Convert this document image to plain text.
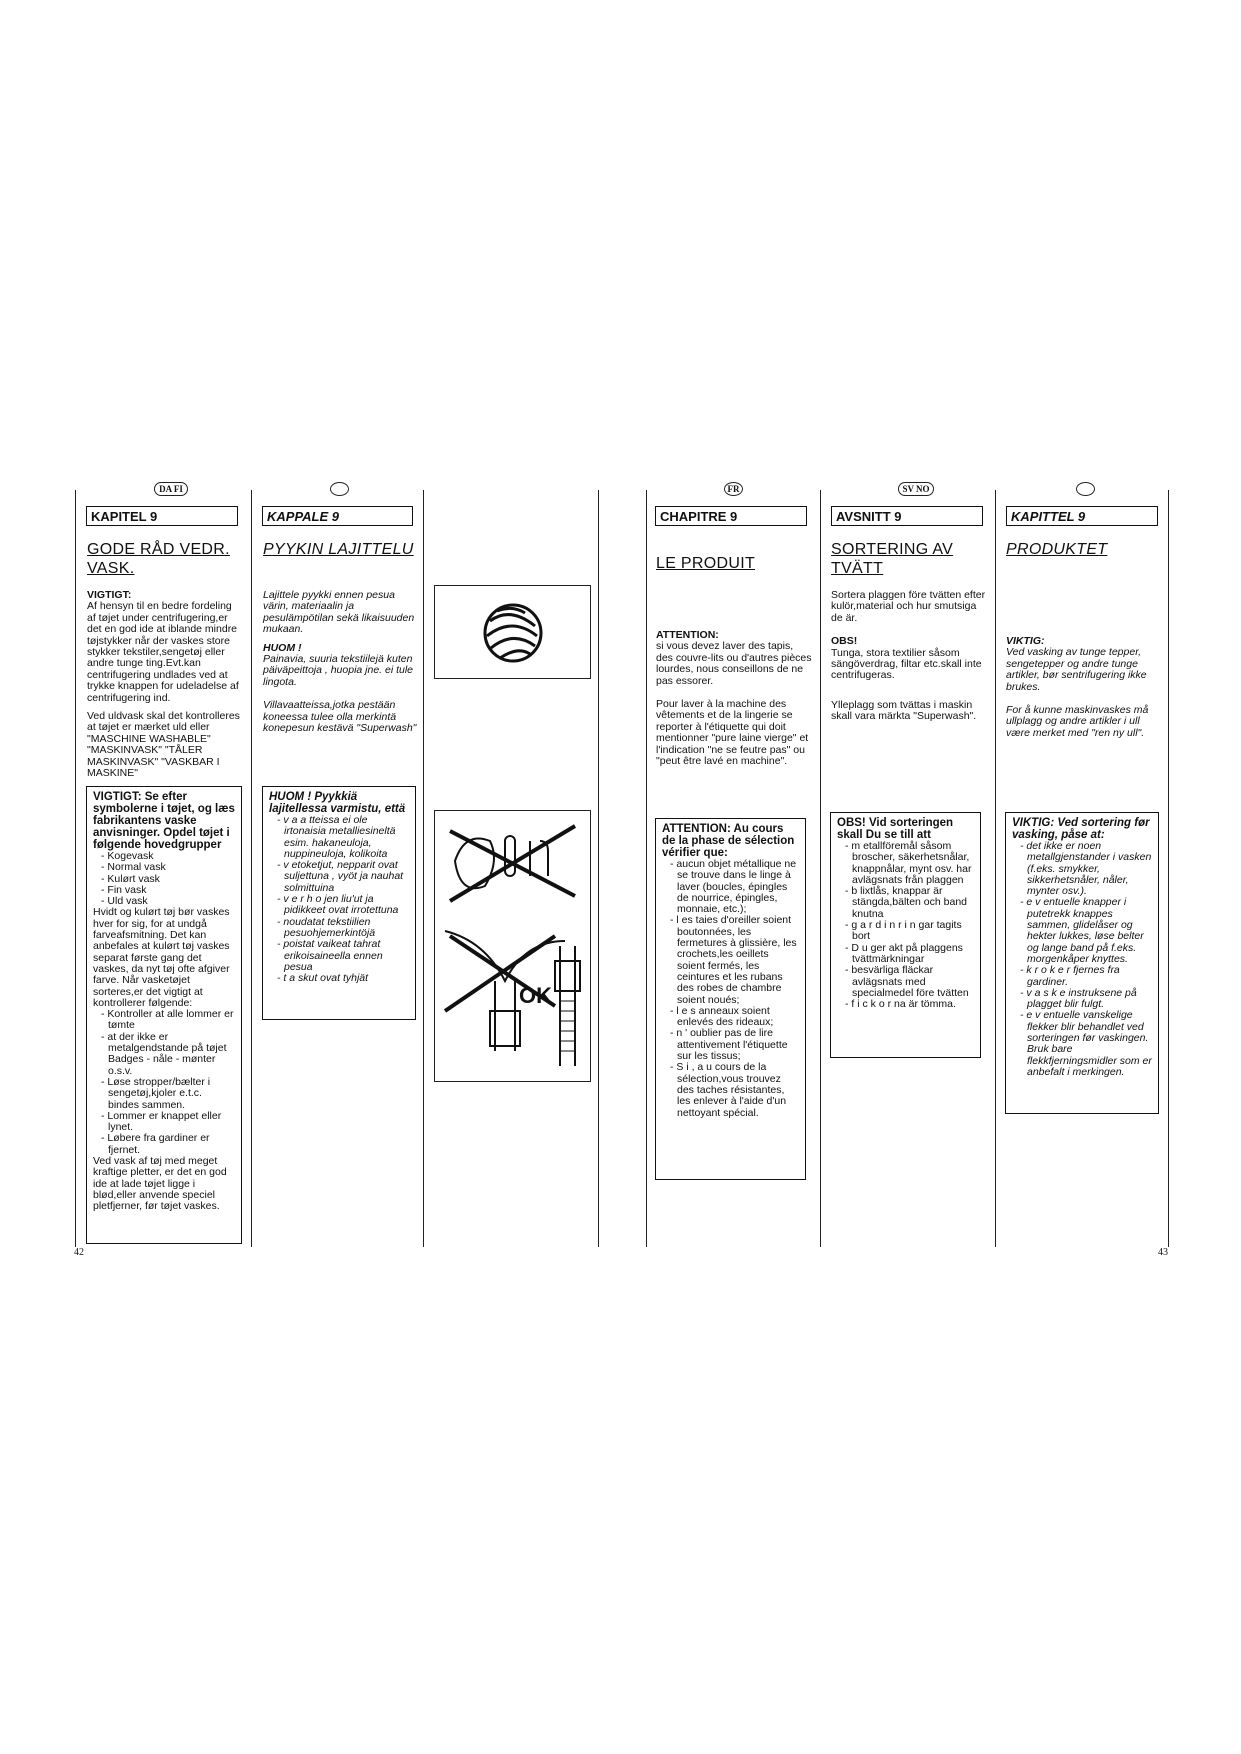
DA FI	FR	SV NO
KAPITEL 9
GODE RÅD VEDR. VASK.
VIGTIGT:

Af hensyn til en bedre fordeling af tøjet under centrifugering,er det en god ide at iblande mindre tøjstykker når der vaskes store stykker tekstiler,sengetøj eller andre tunge ting.Evt.kan centrifugering undlades ved at trykke knappen for udeladelse af centrifugering ind.

Ved uldvask skal det kontrolleres at tøjet er mærket uld eller "MASCHINE WASHABLE" "MASKINVASK" "TÅLER MASKINVASK" "VASKBAR I MASKINE"

VIGTIGT: Se efter symbolerne i tøjet, og læs fabrikantens vaske anvisninger. Opdel tøjet i følgende hovedgrupper
- Kogevask
- Normal vask
- Kulørt vask
- Fin vask
- Uld vask
Hvidt og kulørt tøj bør vaskes hver for sig, for at undgå farveafsmitning. Det kan anbefales at kulørt tøj vaskes separat første gang det vaskes, da nyt tøj ofte afgiver farve. Når vasketøjet sorteres,er det vigtigt at kontrollerer følgende:
- Kontroller at alle lommer er tømte
- at der ikke er metalgendstande på tøjet Badges - nåle - mønter o.s.v.
- Løse stropper/bælter i sengetøj,kjoler e.t.c. bindes sammen.
- Lommer er knappet eller lynet.
- Løbere fra gardiner er fjernet.
Ved vask af tøj med meget kraftige pletter, er det en god ide at lade tøjet ligge i blød,eller anvende speciel pletfjerner, før tøjet vaskes.
KAPPALE 9
PYYKIN LAJITTELU

Lajittele pyykki ennen pesua värin, materiaalin ja pesulämpötilan sekä likaisuuden mukaan.

HUOM !

Painavia, suuria tekstiilejä kuten päiväpeittoja , huopia jne. ei tule lingota.

Villavaatteissa,jotka pestään koneessa tulee olla merkintä konepesun kestävä "Superwash"

HUOM ! Pyykkiä lajitellessa varmistu, että
- v a a tteissa ei ole irtonaisia metalliesineltä esim. hakaneuloja, nuppineuloja, kolikoita
- v etoketjut, nepparit ovat suljettuna , vyöt ja nauhat solmittuina
- v e r h o jen liu'ut ja pidikkeet ovat irrotettuna
- noudatat tekstiilien pesuohjemerkintöjä
- poistat vaikeat tahrat erikoisaineella ennen pesua
- t a skut ovat tyhjät
OK
CHAPITRE 9
LE PRODUIT
ATTENTION:

si vous devez laver des tapis, des couvre-lits ou d'autres pièces lourdes, nous conseillons de ne pas essorer.

Pour laver à la machine des vêtements et de la lingerie se reporter à l'étiquette qui doit mentionner "pure laine vierge" et l'indication "ne se feutre pas" ou "peut être lavé en machine".

ATTENTION: Au cours de la phase de sélection vérifier que:
- aucun objet métallique ne se trouve dans le linge à laver (boucles, épingles de nourrice, épingles, monnaie, etc.);
- l es taies d'oreiller soient boutonnées, les fermetures à glissière, les crochets,les oeillets soient fermés, les ceintures et les rubans des robes de chambre soient noués;
- l e s anneaux soient enlevés des rideaux;
- n ' oublier pas de lire attentivement l'étiquette sur les tissus;
- S i , a u cours de la sélection,vous trouvez des taches résistantes, les enlever à l'aide d'un nettoyant spécial.
AVSNITT 9
SORTERING AV TVÄTT

Sortera plaggen före tvätten efter kulör,material och hur smutsiga de är.

OBS!

Tunga, stora textilier såsom sängöverdrag, filtar etc.skall inte centrifugeras.

Ylleplagg som tvättas i maskin skall vara märkta "Superwash".

OBS! Vid sorteringen skall Du se till att
- m etallföremål såsom broscher, säkerhetsnålar, knappnålar, mynt osv. har avlägsnats från plaggen
- b lixtlås, knappar är stängda,bälten och band knutna
- g a r d i n r i n gar tagits bort
- D u ger akt på plaggens tvättmärkningar
- besvärliga fläckar avlägsnats med specialmedel före tvätten
- f i c k o r na är tömma.
KAPITTEL 9
PRODUKTET
VIKTIG:

Ved vasking av tunge tepper, sengetepper og andre tunge artikler, bør sentrifugering ikke brukes.

For å kunne maskinvaskes må ullplagg og andre artikler i ull være merket med "ren ny ull".

VIKTIG: Ved sortering før vasking, påse at:
- det ikke er noen metallgjenstander i vasken (f.eks. smykker, sikkerhetsnåler, nåler, mynter osv.).
- e v entuelle knapper i putetrekk knappes sammen, glidelåser og hekter lukkes, løse belter og lange band på f.eks. morgenkåper knyttes.
- k r o k e r fjernes fra gardiner.
- v a s k e instruksene på plagget blir fulgt.
- e v entuelle vanskelige flekker blir behandlet ved sorteringen før vaskingen. Bruk bare flekkfjerningsmidler som er anbefalt i merkingen.
42	43
